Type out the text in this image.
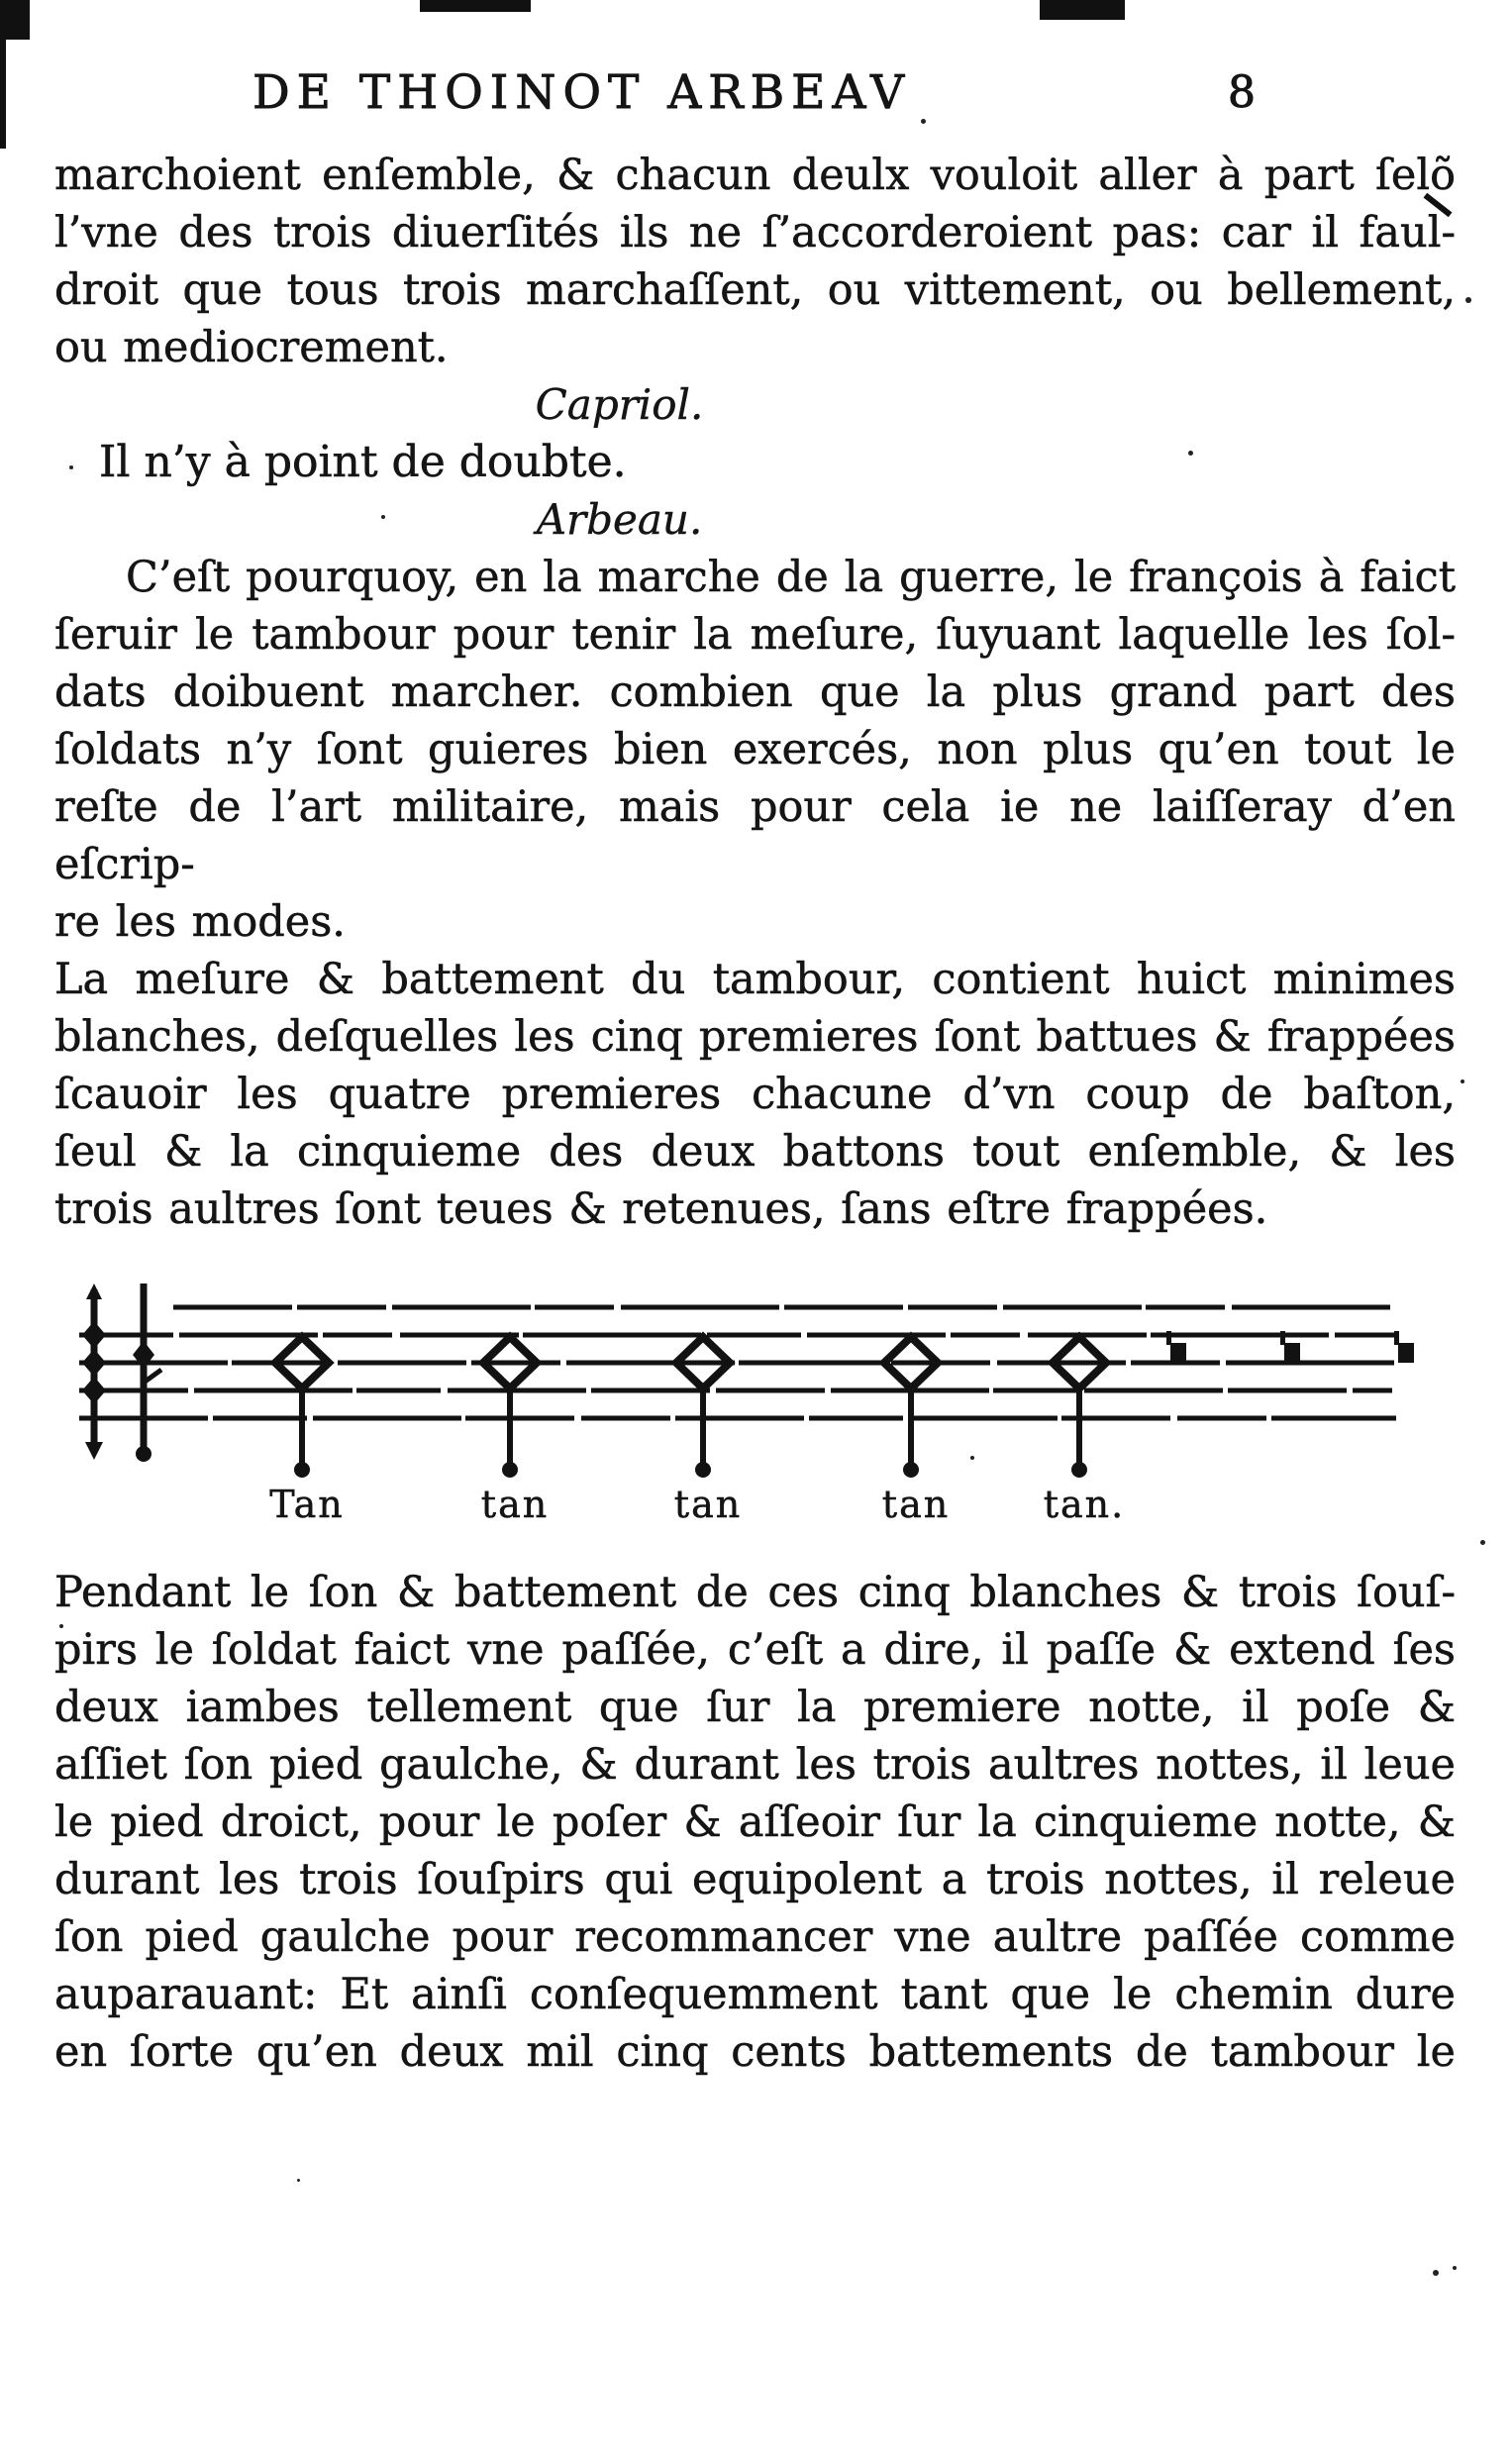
DE THOINOT ARBEAV	8
marchoient enſemble, & chacun deulx vouloit aller à part ſelõ
l’vne des trois diuerſités ils ne ſ’accorderoient pas: car il faul-
droit que tous trois marchaſſent, ou vittement, ou bellement,
ou mediocrement.
Capriol.
Il n’y à point de doubte.
Arbeau.
C’eſt pourquoy, en la marche de la guerre, le françois à faict
ſeruir le tambour pour tenir la meſure, ſuyuant laquelle les ſol-
dats doibuent marcher. combien que la plus grand part des
ſoldats n’y ſont guieres bien exercés, non plus qu’en tout le
reſte de l’art militaire, mais pour cela ie ne laiſſeray d’en eſcrip-
re les modes.
La meſure & battement du tambour, contient huict minimes
blanches, deſquelles les cinq premieres ſont battues & frappées
ſcauoir les quatre premieres chacune d’vn coup de baſton,
ſeul & la cinquieme des deux battons tout enſemble, & les
trois aultres ſont teues & retenues, ſans eſtre frappées.
Tan	tan	tan	tan tan.
Pendant le ſon & battement de ces cinq blanches & trois ſouſ-
pirs le ſoldat faict vne paſſée, c’eſt a dire, il paſſe & extend ſes
deux iambes tellement que ſur la premiere notte, il poſe &
aſſiet ſon pied gaulche, & durant les trois aultres nottes, il leue
le pied droict, pour le poſer & aſſeoir ſur la cinquieme notte, &
durant les trois ſouſpirs qui equipolent a trois nottes, il releue
ſon pied gaulche pour recommancer vne aultre paſſée comme
auparauant: Et ainſi conſequemment tant que le chemin dure
en ſorte qu’en deux mil cinq cents battements de tambour le
